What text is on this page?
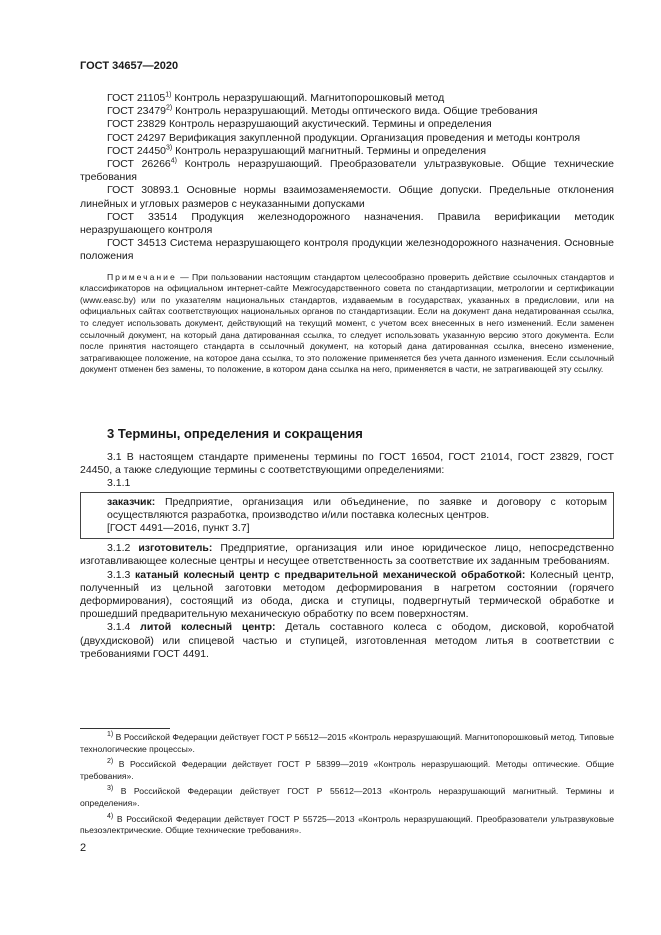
ГОСТ 34657—2020

ГОСТ 21105$^{1)}$ Контроль неразрушающий. Магнитопорошковый метод

ГОСТ 23479$^{2)}$ Контроль неразрушающий. Методы оптического вида. Общие требования

ГОСТ 23829 Контроль неразрушающий акустический. Термины и определения

ГОСТ 24297 Верификация закупленной продукции. Организация проведения и методы контроля

ГОСТ 24450$^{3)}$ Контроль неразрушающий магнитный. Термины и определения

ГОСТ 26266$^{4)}$ Контроль неразрушающий. Преобразователи ультразвуковые. Общие технические требования

ГОСТ 30893.1 Основные нормы взаимозаменяемости. Общие допуски. Предельные отклонения линейных и угловых размеров с неуказанными допусками

ГОСТ 33514 Продукция железнодорожного назначения. Правила верификации методик неразрушающего контроля

ГОСТ 34513 Система неразрушающего контроля продукции железнодорожного назначения. Основные положения

Примечание — При пользовании настоящим стандартом целесообразно проверить действие ссылочных стандартов и классификаторов на официальном интернет-сайте Межгосударственного совета по стандартизации, метрологии и сертификации (www.easc.by) или по указателям национальных стандартов, издаваемым в государствах, указанных в предисловии, или на официальных сайтах соответствующих национальных органов по стандартизации. Если на документ дана недатированная ссылка, то следует использовать документ, действующий на текущий момент, с учетом всех внесенных в него изменений. Если заменен ссылочный документ, на который дана датированная ссылка, то следует использовать указанную версию этого документа. Если после принятия настоящего стандарта в ссылочный документ, на который дана датированная ссылка, внесено изменение, затрагивающее положение, на которое дана ссылка, то это положение применяется без учета данного изменения. Если ссылочный документ отменен без замены, то положение, в котором дана ссылка на него, применяется в части, не затрагивающей эту ссылку.

3 Термины, определения и сокращения

3.1 В настоящем стандарте применены термины по ГОСТ 16504, ГОСТ 21014, ГОСТ 23829, ГОСТ 24450, а также следующие термины с соответствующими определениями:

3.1.1

заказчик: Предприятие, организация или объединение, по заявке и договору с которым осуществляются разработка, производство и/или поставка колесных центров.

[ГОСТ 4491—2016, пункт 3.7]

3.1.2 изготовитель: Предприятие, организация или иное юридическое лицо, непосредственно изготавливающее колесные центры и несущее ответственность за соответствие их заданным требованиям.

3.1.3 катаный колесный центр с предварительной механической обработкой: Колесный центр, полученный из цельной заготовки методом деформирования в нагретом состоянии (горячего деформирования), состоящий из обода, диска и ступицы, подвергнутый термической обработке и прошедший предварительную механическую обработку по всем поверхностям.

3.1.4 литой колесный центр: Деталь составного колеса с ободом, дисковой, коробчатой (двухдисковой) или спицевой частью и ступицей, изготовленная методом литья в соответствии с требованиями ГОСТ 4491.

$^{1)}$ В Российской Федерации действует ГОСТ Р 56512—2015 «Контроль неразрушающий. Магнитопорошковый метод. Типовые технологические процессы».

$^{2)}$ В Российской Федерации действует ГОСТ Р 58399—2019 «Контроль неразрушающий. Методы оптические. Общие требования».

$^{3)}$ В Российской Федерации действует ГОСТ Р 55612—2013 «Контроль неразрушающий магнитный. Термины и определения».

$^{4)}$ В Российской Федерации действует ГОСТ Р 55725—2013 «Контроль неразрушающий. Преобразователи ультразвуковые пьезоэлектрические. Общие технические требования».

2
